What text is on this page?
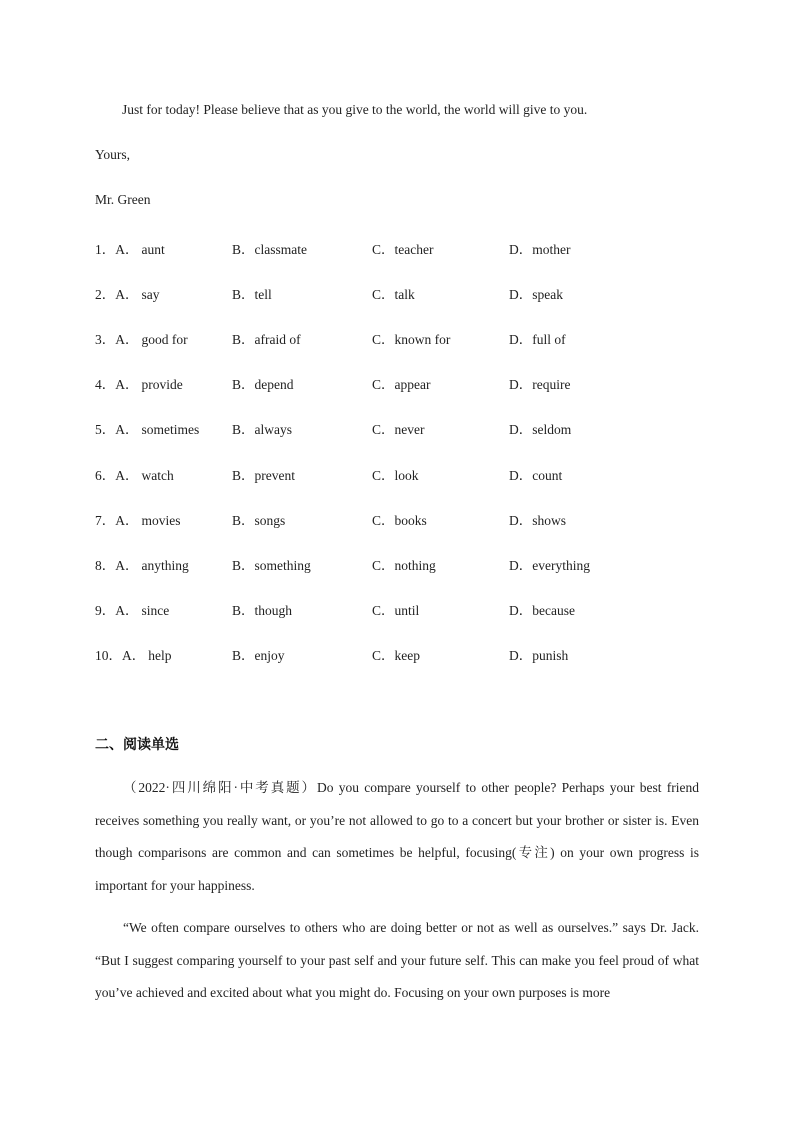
Just for today! Please believe that as you give to the world, the world will give to you.
Yours,
Mr. Green
1．A． aunt	B．classmate	C．teacher	D．mother
2．A． say	B．tell	C．talk	D．speak
3．A． good for	B．afraid of	C．known for	D．full of
4．A． provide	B．depend	C．appear	D．require
5．A． sometimes B．always	C．never	D．seldom
6．A． watch	B．prevent	C．look	D．count
7．A． movies	B．songs	C．books	D．shows
8．A． anything	B．something	C．nothing	D．everything
9．A． since	B．though	C．until	D．because
10．A． help	B．enjoy	C．keep	D．punish
二、阅读单选

（2022·四川绵阳·中考真题）Do you compare yourself to other people? Perhaps your best friend receives something you really want, or you’re not allowed to go to a concert but your brother or sister is. Even though comparisons are common and can sometimes be helpful, focusing(专注) on your own progress is important for your happiness.

“We often compare ourselves to others who are doing better or not as well as ourselves.” says Dr. Jack. “But I suggest comparing yourself to your past self and your future self. This can make you feel proud of what you’ve achieved and excited about what you might do. Focusing on your own purposes is more
